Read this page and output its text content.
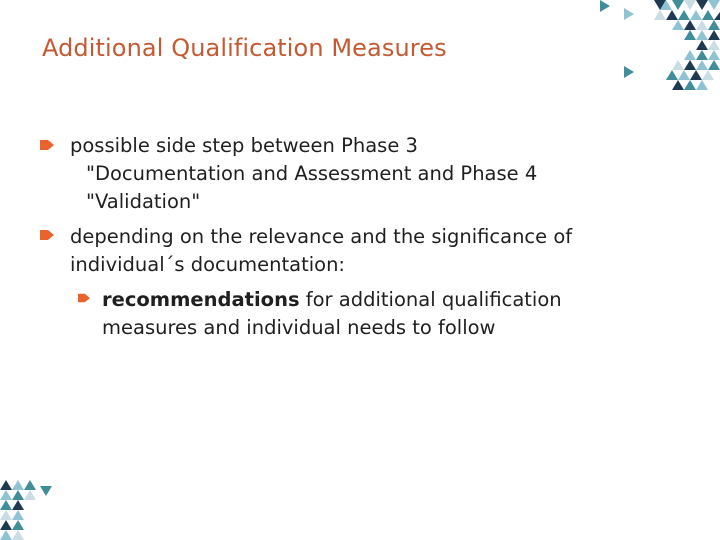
Additional Qualification Measures
possible side step between Phase 3
"Documentation and Assessment and Phase 4
"Validation"
depending on the relevance and the significance of
individual´s documentation:
recommendations for additional qualification
measures and individual needs to follow
